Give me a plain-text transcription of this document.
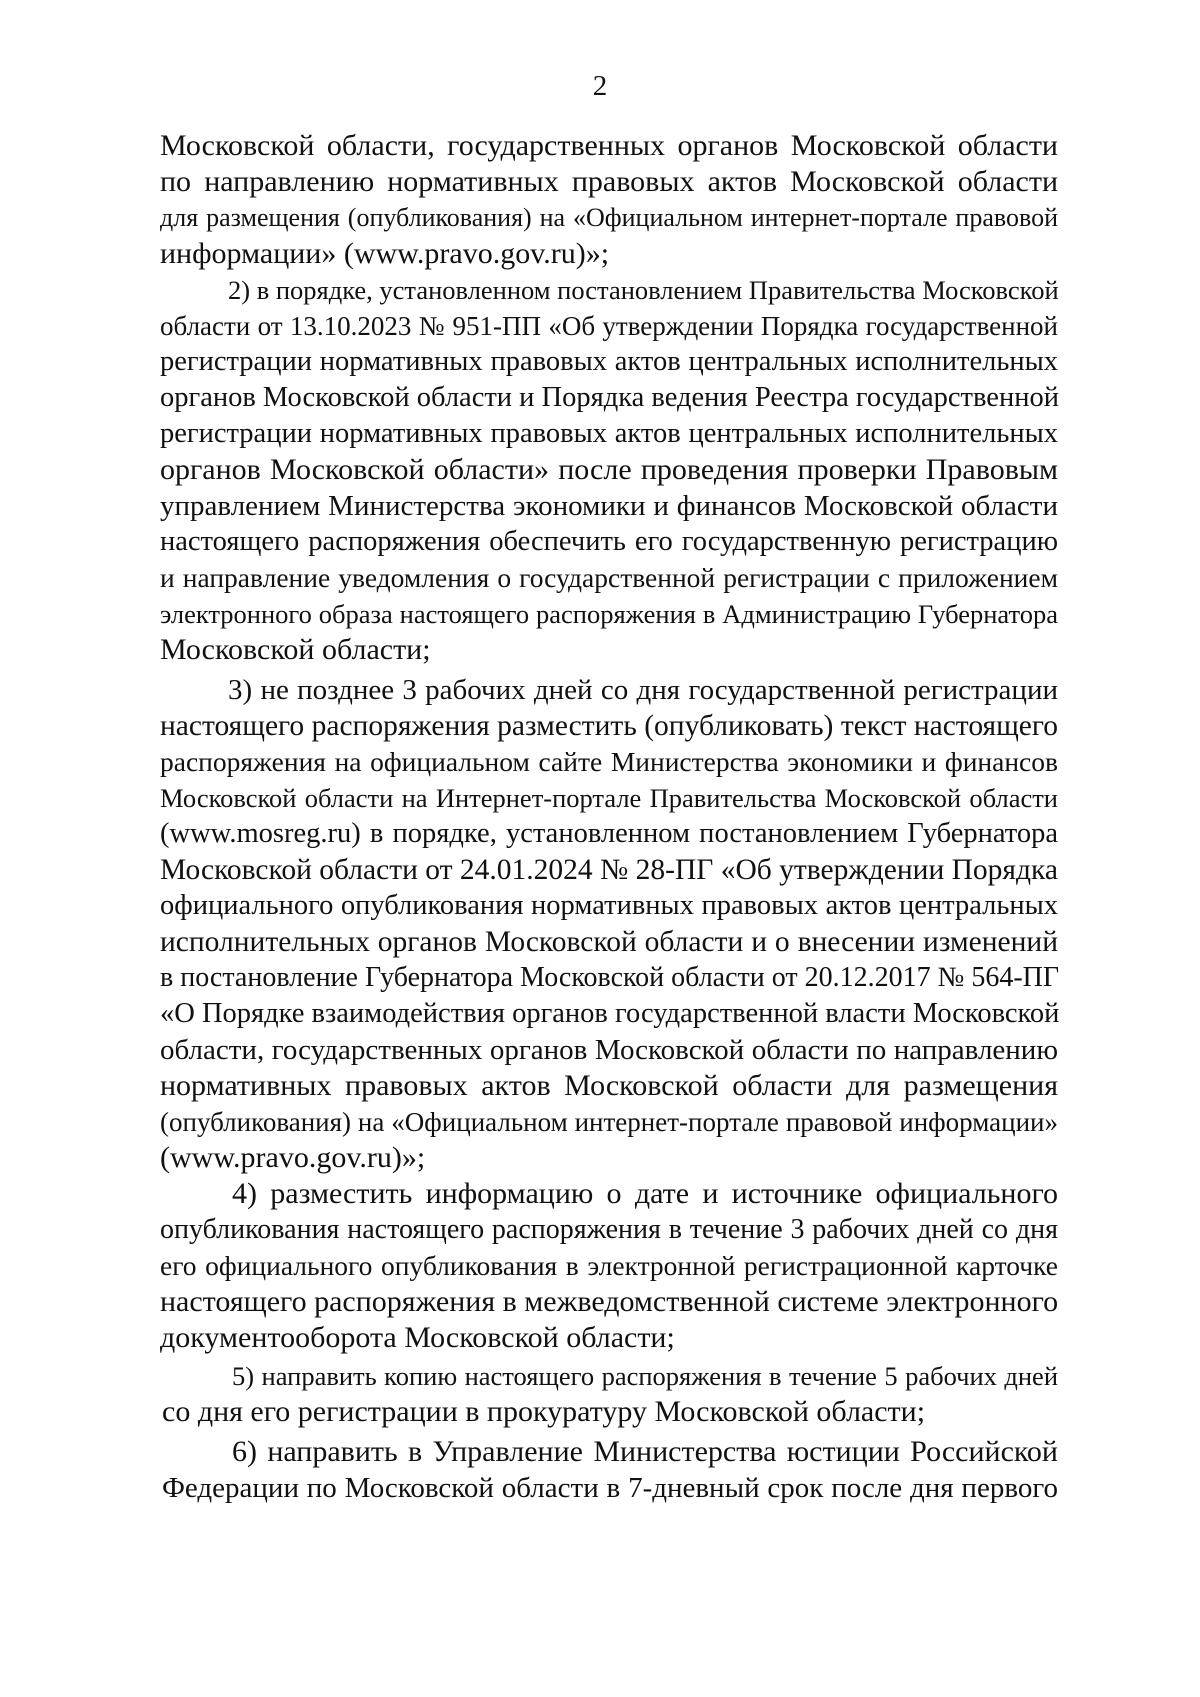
2
Московской области, государственных органов Московской области
по направлению нормативных правовых актов Московской области
для размещения (опубликования) на «Официальном интернет-портале правовой
информации» (www.pravo.gov.ru)»;
2) в порядке, установленном постановлением Правительства Московской
области от 13.10.2023 № 951-ПП «Об утверждении Порядка государственной
регистрации нормативных правовых актов центральных исполнительных
органов Московской области и Порядка ведения Реестра государственной
регистрации нормативных правовых актов центральных исполнительных
органов Московской области» после проведения проверки Правовым
управлением Министерства экономики и финансов Московской области
настоящего распоряжения обеспечить его государственную регистрацию
и направление уведомления о государственной регистрации с приложением
электронного образа настоящего распоряжения в Администрацию Губернатора
Московской области;
3) не позднее 3 рабочих дней со дня государственной регистрации
настоящего распоряжения разместить (опубликовать) текст настоящего
распоряжения на официальном сайте Министерства экономики и финансов
Московской области на Интернет-портале Правительства Московской области
(www.mosreg.ru) в порядке, установленном постановлением Губернатора
Московской области от 24.01.2024 № 28-ПГ «Об утверждении Порядка
официального опубликования нормативных правовых актов центральных
исполнительных органов Московской области и о внесении изменений
в постановление Губернатора Московской области от 20.12.2017 № 564-ПГ
«О Порядке взаимодействия органов государственной власти Московской
области, государственных органов Московской области по направлению
нормативных правовых актов Московской области для размещения
(опубликования) на «Официальном интернет-портале правовой информации»
(www.pravo.gov.ru)»;
4) разместить информацию о дате и источнике официального
опубликования настоящего распоряжения в течение 3 рабочих дней со дня
его официального опубликования в электронной регистрационной карточке
настоящего распоряжения в межведомственной системе электронного
документооборота Московской области;
5) направить копию настоящего распоряжения в течение 5 рабочих дней
со дня его регистрации в прокуратуру Московской области;
6) направить в Управление Министерства юстиции Российской
Федерации по Московской области в 7-дневный срок после дня первого
